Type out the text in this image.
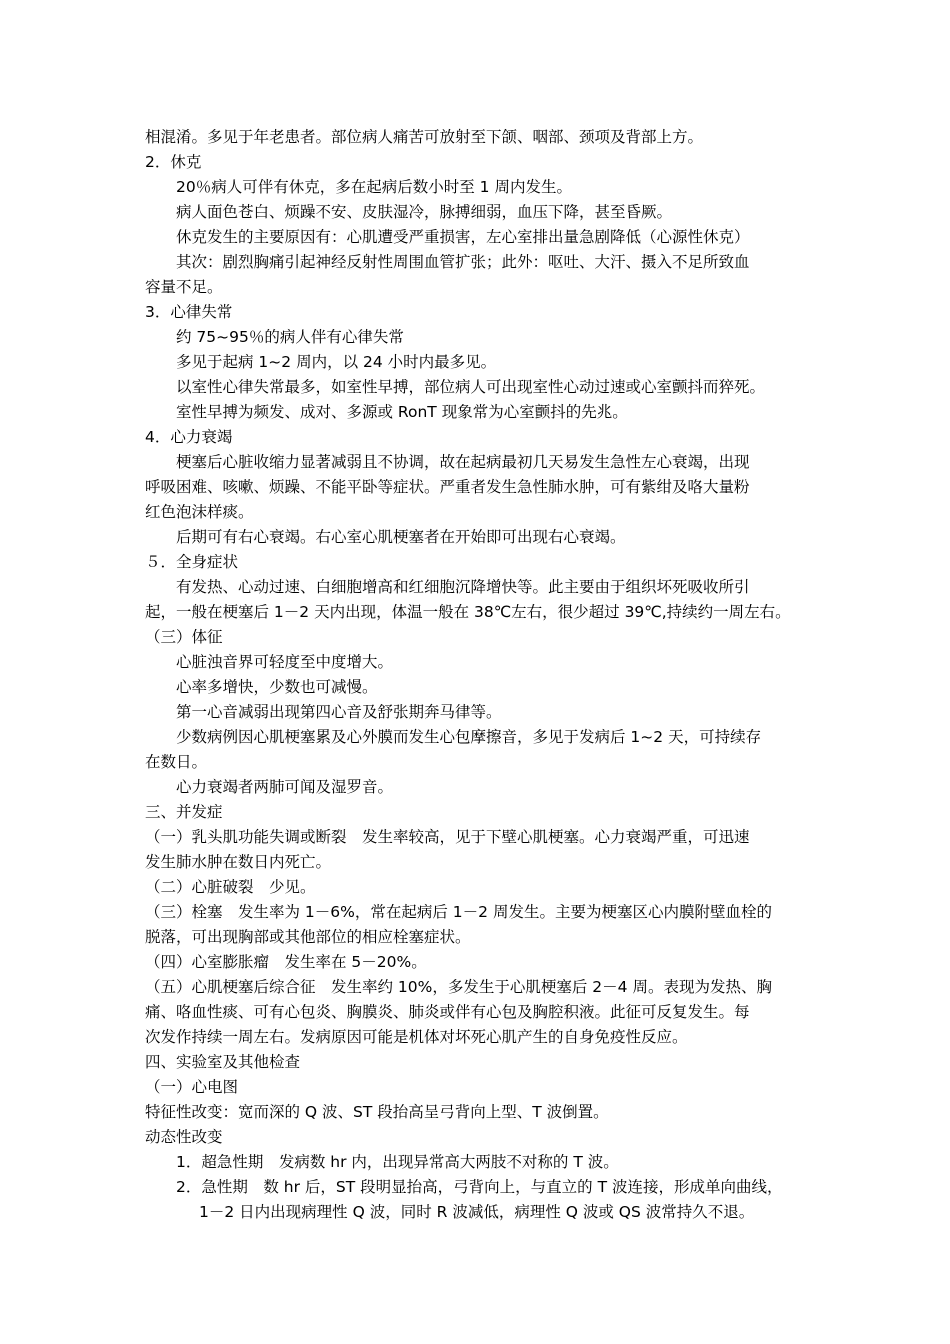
相混淆。多见于年老患者。部位病人痛苦可放射至下颌、咽部、颈项及背部上方。
2．休克
20％病人可伴有休克，多在起病后数小时至 1 周内发生。
病人面色苍白、烦躁不安、皮肤湿冷，脉搏细弱，血压下降，甚至昏厥。
休克发生的主要原因有：心肌遭受严重损害，左心室排出量急剧降低（心源性休克）
其次：剧烈胸痛引起神经反射性周围血管扩张；此外：呕吐、大汗、摄入不足所致血
容量不足。
3．心律失常
约 75~95％的病人伴有心律失常
多见于起病 1~2 周内，以 24 小时内最多见。
以室性心律失常最多，如室性早搏，部位病人可出现室性心动过速或心室颤抖而猝死。
室性早搏为频发、成对、多源或 RonT 现象常为心室颤抖的先兆。
4．心力衰竭
梗塞后心脏收缩力显著减弱且不协调，故在起病最初几天易发生急性左心衰竭，出现
呼吸困难、咳嗽、烦躁、不能平卧等症状。严重者发生急性肺水肿，可有紫绀及咯大量粉
红色泡沫样痰。
后期可有右心衰竭。右心室心肌梗塞者在开始即可出现右心衰竭。
５．全身症状
有发热、心动过速、白细胞增高和红细胞沉降增快等。此主要由于组织坏死吸收所引
起，一般在梗塞后 1－2 天内出现，体温一般在 38℃左右，很少超过 39℃,持续约一周左右。
（三）体征
心脏浊音界可轻度至中度增大。
心率多增快，少数也可减慢。
第一心音减弱出现第四心音及舒张期奔马律等。
少数病例因心肌梗塞累及心外膜而发生心包摩擦音，多见于发病后 1~2 天，可持续存
在数日。
心力衰竭者两肺可闻及湿罗音。
三、并发症
（一）乳头肌功能失调或断裂　发生率较高，见于下壁心肌梗塞。心力衰竭严重，可迅速
发生肺水肿在数日内死亡。
（二）心脏破裂　少见。
（三）栓塞　发生率为 1－6%，常在起病后 1－2 周发生。主要为梗塞区心内膜附壁血栓的
脱落，可出现胸部或其他部位的相应栓塞症状。
（四）心室膨胀瘤　发生率在 5－20%。
（五）心肌梗塞后综合征　发生率约 10%，多发生于心肌梗塞后 2－4 周。表现为发热、胸
痛、咯血性痰、可有心包炎、胸膜炎、肺炎或伴有心包及胸腔积液。此征可反复发生。每
次发作持续一周左右。发病原因可能是机体对坏死心肌产生的自身免疫性反应。
四、实验室及其他检查
（一）心电图
特征性改变：宽而深的 Q 波、ST 段抬高呈弓背向上型、T 波倒置。
动态性改变
1．超急性期　发病数 hr 内，出现异常高大两肢不对称的 T 波。
2．急性期　数 hr 后，ST 段明显抬高，弓背向上，与直立的 T 波连接，形成单向曲线，
1－2 日内出现病理性 Q 波，同时 R 波减低，病理性 Q 波或 QS 波常持久不退。
